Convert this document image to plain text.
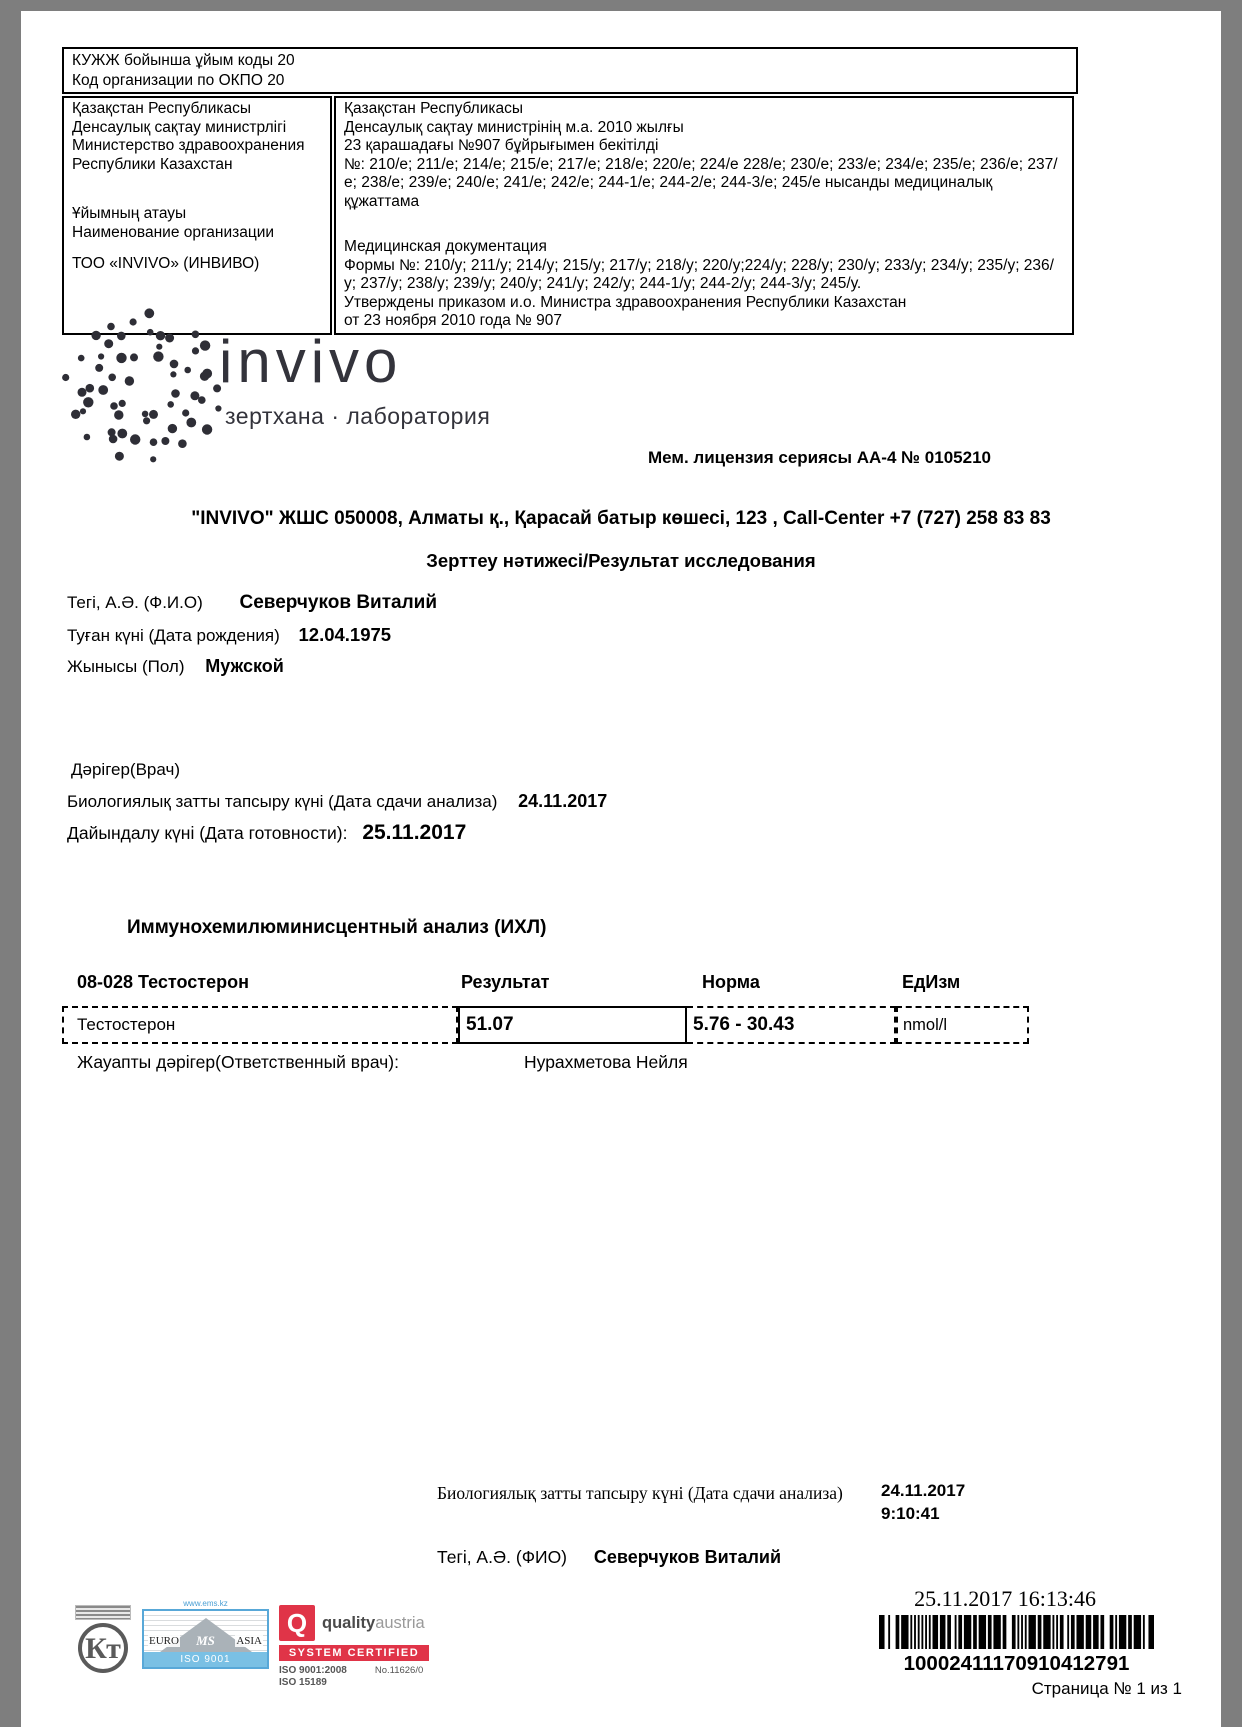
КУЖЖ бойынша ұйым коды 20
Код организации по ОКПО 20
Қазақстан Республикасы
Денсаулық сақтау министрлігі
Министерство здравоохранения
Республики Казахстан
Ұйымның атауы
Наименование организации
ТОО «INVIVO» (ИНВИВО)
Қазақстан Республикасы
Денсаулық сақтау министрінің м.а. 2010 жылғы
23 қарашадағы №907 бұйрығымен бекітілді
№: 210/е; 211/е; 214/е; 215/е; 217/е; 218/е; 220/е; 224/е 228/е; 230/е; 233/е; 234/е; 235/е; 236/е; 237/е; 238/е; 239/е; 240/е; 241/е; 242/е; 244-1/е; 244-2/е; 244-3/е; 245/е нысанды медициналық құжаттама
Медицинская документация
Формы №: 210/у; 211/у; 214/у; 215/у; 217/у; 218/у; 220/у;224/у; 228/у; 230/у; 233/у; 234/у; 235/у; 236/у; 237/у; 238/у; 239/у; 240/у; 241/у; 242/у; 244-1/у; 244-2/у; 244-3/у; 245/у.
Утверждены приказом и.о. Министра здравоохранения Республики Казахстан
от 23 ноября 2010 года № 907
invivo
зертхана · лаборатория
Мем. лицензия сериясы АА-4 № 0105210
"INVIVO" ЖШС 050008, Алматы қ., Қарасай батыр көшесі, 123 , Call-Center +7 (727) 258 83 83
Зерттеу нәтижесі/Результат исследования
Тегі, А.Ә. (Ф.И.О) Северчуков Виталий
Туған күні (Дата рождения) 12.04.1975
Жынысы (Пол) Мужской
Дәрігер(Врач)
Биологиялық затты тапсыру күні (Дата сдачи анализа) 24.11.2017
Дайындалу күні (Дата готовности): 25.11.2017
Иммунохемилюминисцентный анализ (ИХЛ)
08-028 Тестостерон	Результат	Норма	ЕдИзм
Тестостерон	51.07	5.76 - 30.43	nmol/l
Жауапты дәрігер(Ответственный врач):	Нурахметова Нейля
Биологиялық затты тапсыру күні (Дата сдачи анализа) 24.11.2017
9:10:41
Тегі, А.Ә. (ФИО) Северчуков Виталий
25.11.2017 16:13:46
10002411170910412791
Страница № 1 из 1
Кт
www.ems.kz
EURO MS ASIA
ISO 9001
Q qualityaustria
SYSTEM CERTIFIED
ISO 9001:2008
ISO 15189
No.11626/0
